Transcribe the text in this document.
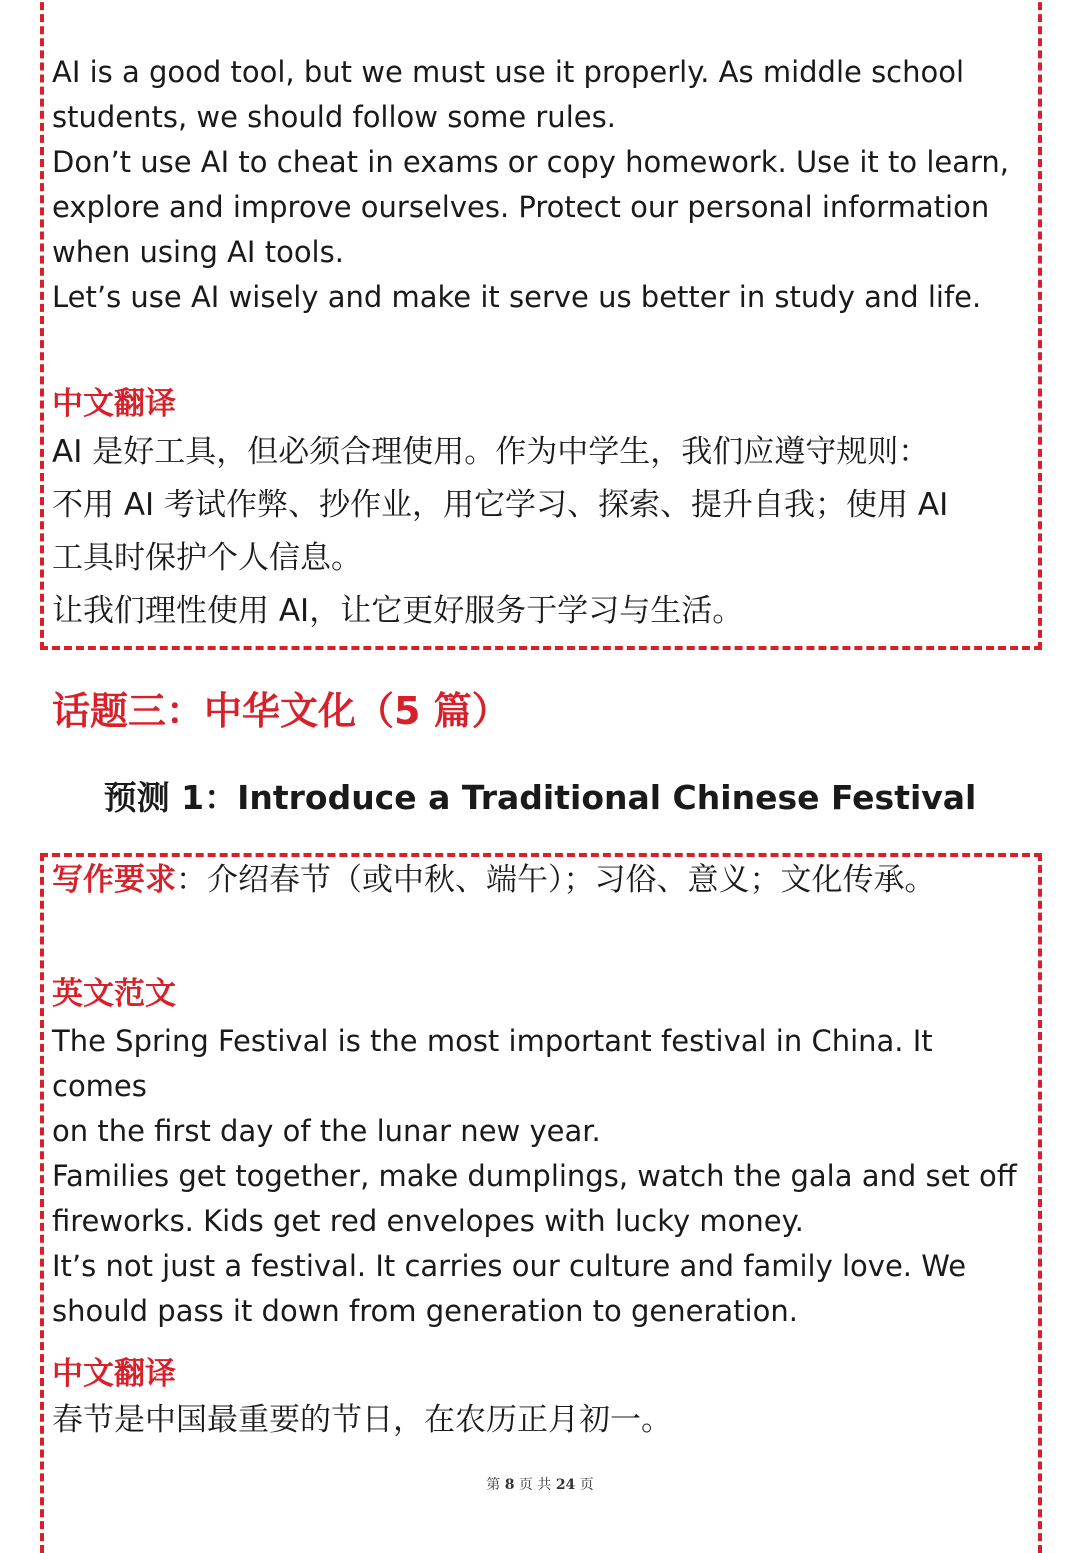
AI is a good tool, but we must use it properly. As middle school
students, we should follow some rules.
Don’t use AI to cheat in exams or copy homework. Use it to learn,
explore and improve ourselves. Protect our personal information
when using AI tools.
Let’s use AI wisely and make it serve us better in study and life.

中文翻译

AI 是好工具，但必须合理使用。作为中学生，我们应遵守规则：
不用 AI 考试作弊、抄作业，用它学习、探索、提升自我；使用 AI
工具时保护个人信息。
让我们理性使用 AI，让它更好服务于学习与生活。

话题三：中华文化（5 篇）
预测 1：Introduce a Traditional Chinese Festival

写作要求：介绍春节（或中秋、端午）；习俗、意义；文化传承。

英文范文

The Spring Festival is the most important festival in China. It comes
on the first day of the lunar new year.
Families get together, make dumplings, watch the gala and set off
fireworks. Kids get red envelopes with lucky money.
It’s not just a festival. It carries our culture and family love. We
should pass it down from generation to generation.

中文翻译

春节是中国最重要的节日，在农历正月初一。

第 8 页 共 24 页
